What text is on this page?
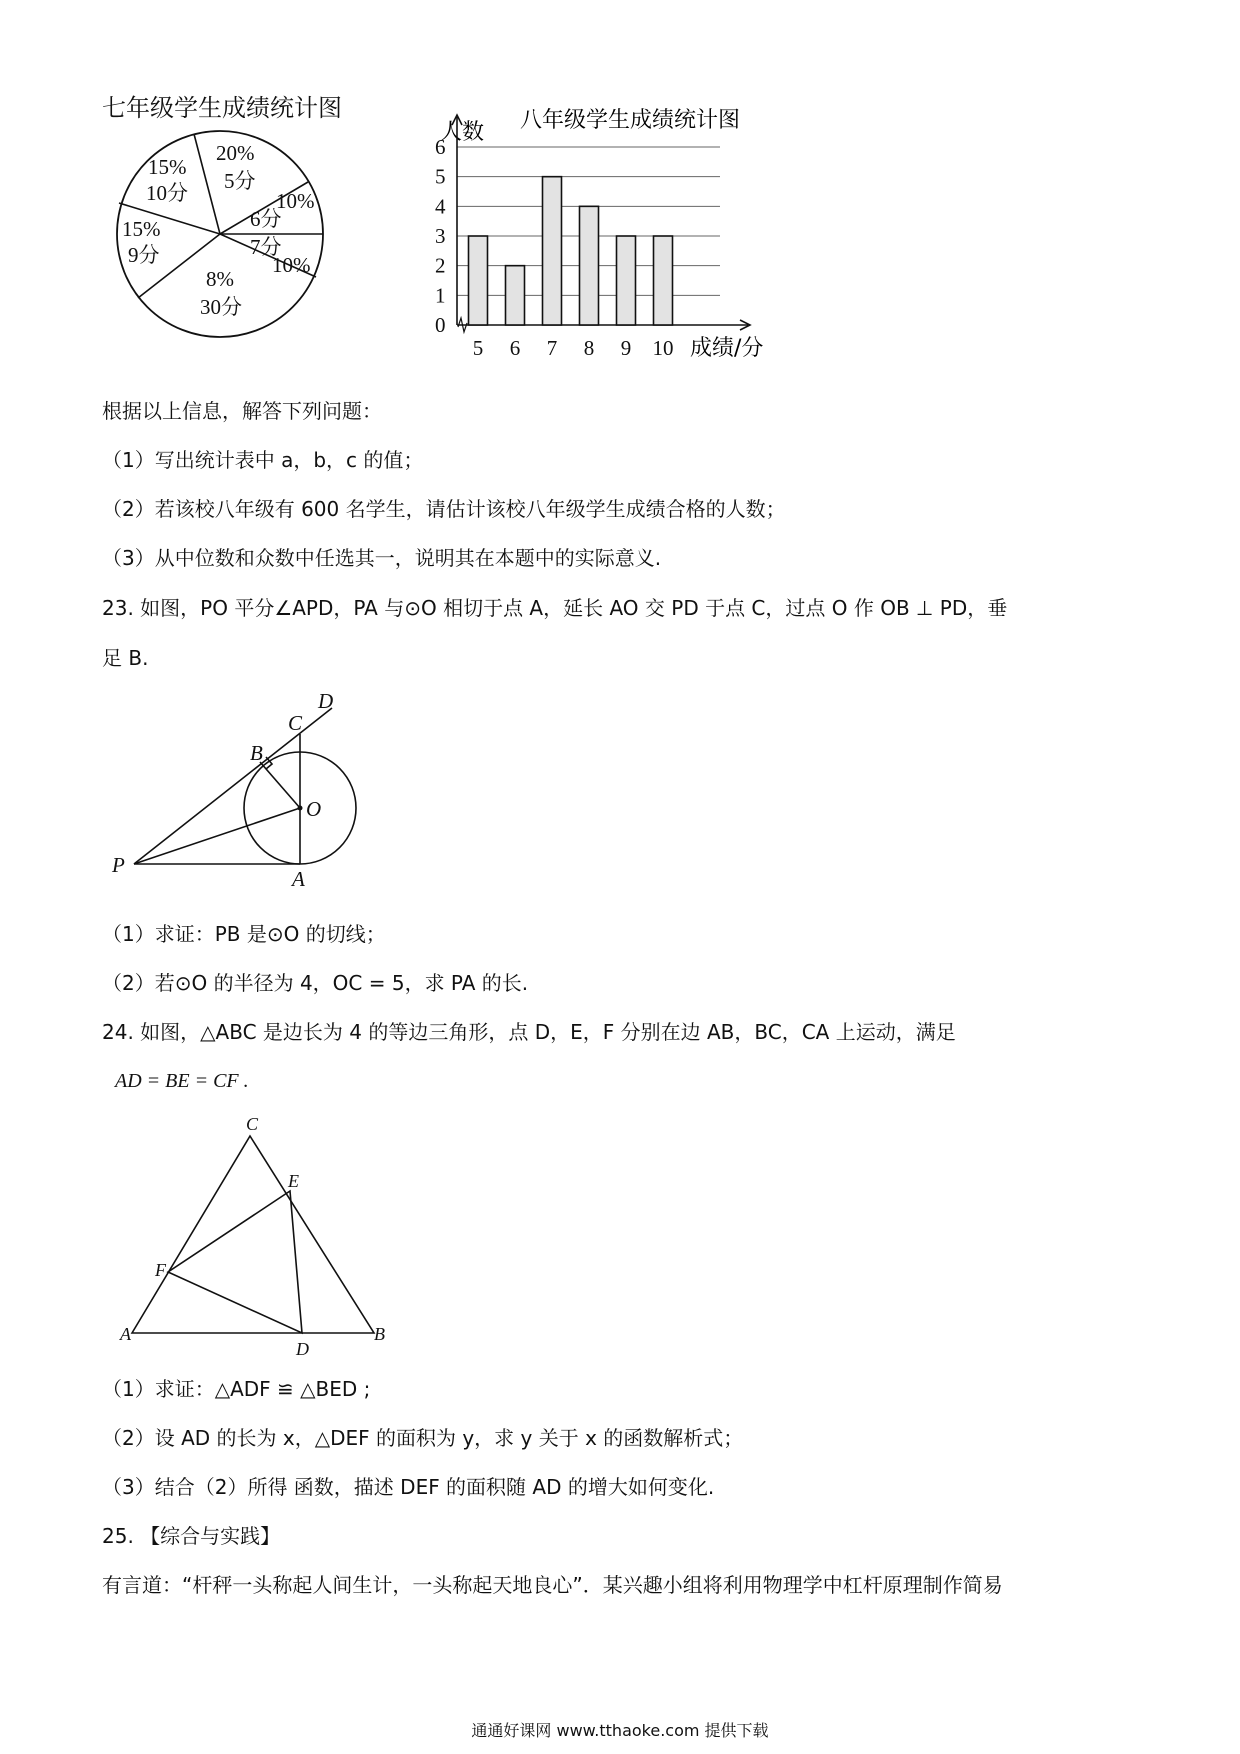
七年级学生成绩统计图
20%
5分
10%
6分
7分
10%
8%
30分
15%
9分
15%
10分
八年级学生成绩统计图
人数
成绩/分
0
1
2
3
4
5
6
5 6 7 8 9 10
根据以上信息，解答下列问题：
（1）写出统计表中 a，b，c 的值；
（2）若该校八年级有 600 名学生，请估计该校八年级学生成绩合格的人数；
（3）从中位数和众数中任选其一，说明其在本题中的实际意义.
23. 如图，PO 平分∠APD，PA 与⊙O 相切于点 A，延长 AO 交 PD 于点 C，过点 O 作 OB ⊥ PD，垂
足 B.
D
C
B
O
P
A
（1）求证：PB 是⊙O 的切线；
（2）若⊙O 的半径为 4，OC = 5，求 PA 的长.
24. 如图，△ABC 是边长为 4 的等边三角形，点 D，E，F 分别在边 AB，BC，CA 上运动，满足
AD = BE = CF .
C
E
F
A
D
B
（1）求证：△ADF ≌ △BED ;
（2）设 AD 的长为 x，△DEF 的面积为 y，求 y 关于 x 的函数解析式；
（3）结合（2）所得 函数，描述 DEF 的面积随 AD 的增大如何变化.
25. 【综合与实践】
有言道：“杆秤一头称起人间生计，一头称起天地良心”．某兴趣小组将利用物理学中杠杆原理制作简易
通通好课网 www.tthaoke.com 提供下载
